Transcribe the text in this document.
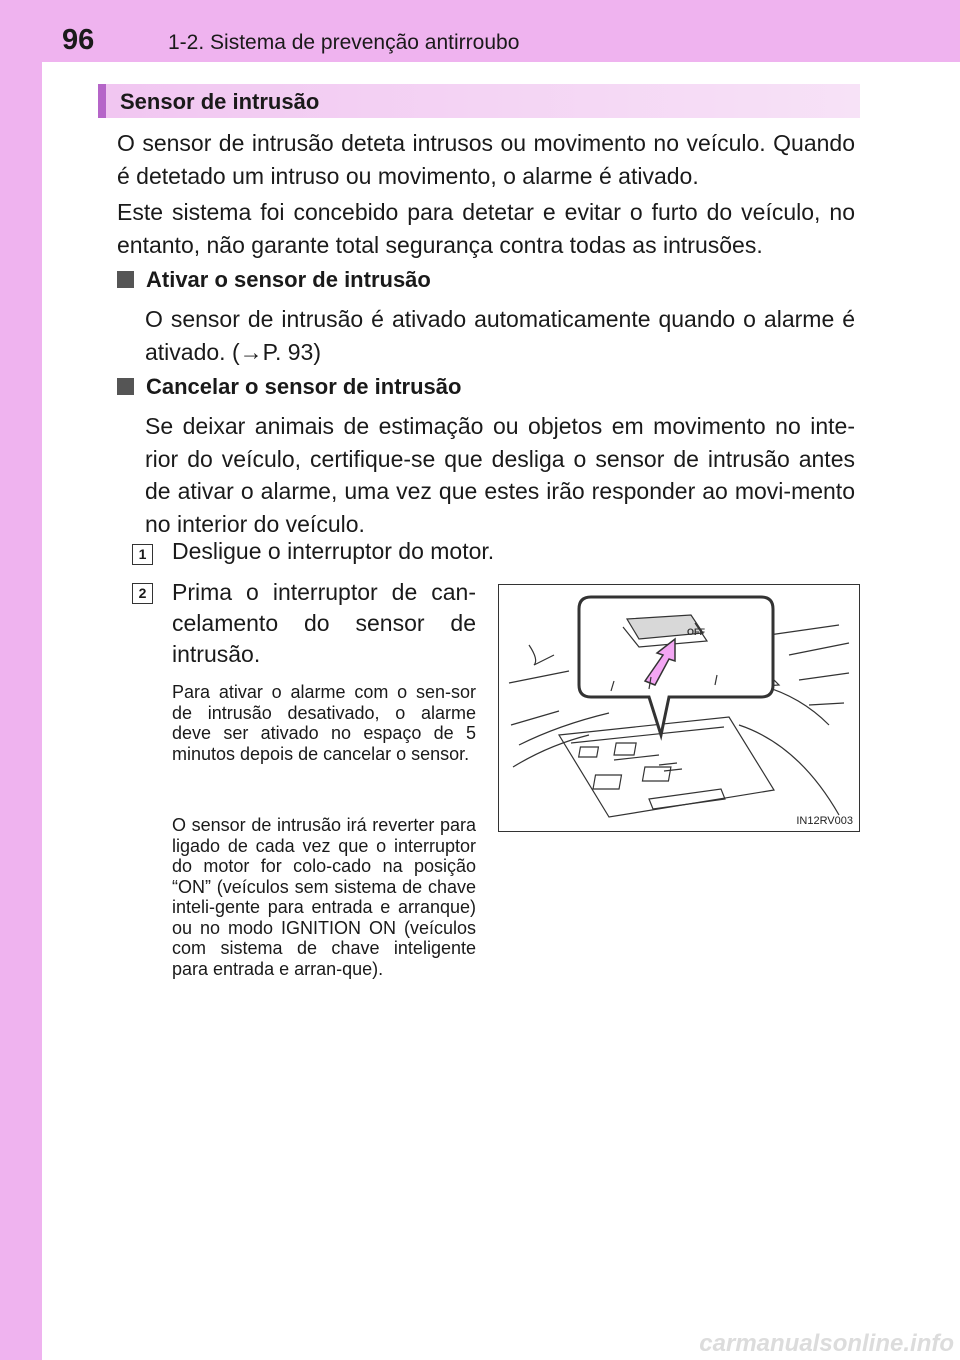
96	1-2. Sistema de prevenção antirroubo
Sensor de intrusão
O sensor de intrusão deteta intrusos ou movimento no veículo. Quando é detetado um intruso ou movimento, o alarme é ativado.
Este sistema foi concebido para detetar e evitar o furto do veículo, no entanto, não garante total segurança contra todas as intrusões.
Ativar o sensor de intrusão
O sensor de intrusão é ativado automaticamente quando o alarme é ativado. (→P. 93)
Cancelar o sensor de intrusão
Se deixar animais de estimação ou objetos em movimento no inte-rior do veículo, certifique-se que desliga o sensor de intrusão antes de ativar o alarme, uma vez que estes irão responder ao movi-mento no interior do veículo.
1 Desligue o interruptor do motor.
2 Prima o interruptor de can-celamento do sensor de intrusão.
Para ativar o alarme com o sen-sor de intrusão desativado, o alarme deve ser ativado no espaço de 5 minutos depois de cancelar o sensor.
O sensor de intrusão irá reverter para ligado de cada vez que o interruptor do motor for colo-cado na posição “ON” (veículos sem sistema de chave inteli-gente para entrada e arranque) ou no modo IGNITION ON (veículos com sistema de chave inteligente para entrada e arran-que).
OFF
IN12RV003
carmanualsonline.info
